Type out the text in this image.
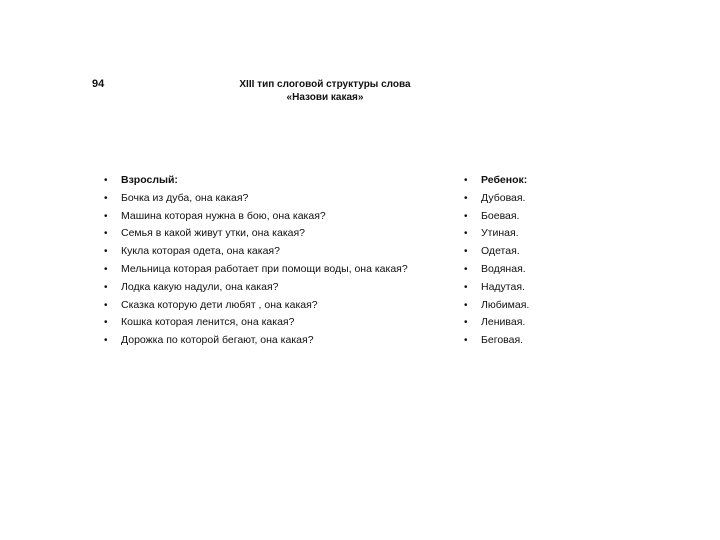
94	XIII тип слоговой структуры слова
«Назови какая»
• Взрослый:
• Бочка из дуба, она какая?
• Машина которая нужна в бою, она какая?
• Семья в какой живут утки, она какая?
• Кукла которая одета, она какая?
• Мельница которая работает при помощи воды, она какая?
• Лодка какую надули, она какая?
• Сказка которую дети любят , она какая?
• Кошка которая ленится, она какая?
• Дорожка по которой бегают, она какая?
• Ребенок:
• Дубовая.
• Боевая.
• Утиная.
• Одетая.
• Водяная.
• Надутая.
• Любимая.
• Ленивая.
• Беговая.
